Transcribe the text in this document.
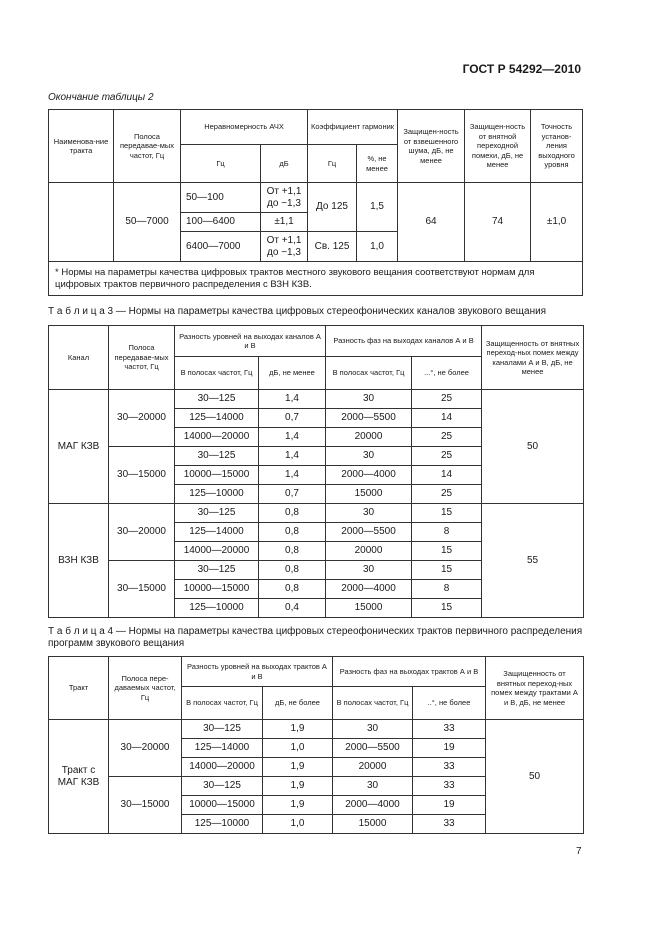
ГОСТ Р 54292—2010
Окончание таблицы 2
Наименова-ние тракта	Полоса передавае-мых частот, Гц	Неравномерность АЧХ		Коэффициент гармоник		Защищен-ность от взвешенного шума, дБ, не менее	Защищен-ность от внятной переходной помехи, дБ, не менее	Точность установ-ления выходного уровня
		Гц	дБ	Гц	%, не менее			
	50—7000	50—100	От +1,1
до −1,3	До 125	1,5	64	74	±1,0
		100—6400	±1,1					
		6400—7000	От +1,1
до −1,3	Св. 125	1,0			
* Нормы на параметры качества цифровых трактов местного звукового вещания соответствуют нормам для цифровых трактов первичного распределения с ВЗН КЗВ.								
Т а б л и ц а 3 — Нормы на параметры качества цифровых стереофонических каналов звукового вещания
Канал	Полоса передавае-мых частот, Гц	Разность уровней на выходах каналов А и В		Разность фаз на выходах каналов А и В		Защищенность от внятных переход-ных помех между каналами А и В, дБ, не менее
		В полосах частот, Гц	дБ, не менее	В полосах частот, Гц	...°, не более	
МАГ КЗВ	30—20000	30—125	1,4	30	25	50
		125—14000	0,7	2000—5500	14	
		14000—20000	1,4	20000	25	
	30—15000	30—125	1,4	30	25	
		10000—15000	1,4	2000—4000	14	
		125—10000	0,7	15000	25	
ВЗН КЗВ	30—20000	30—125	0,8	30	15	55
		125—14000	0,8	2000—5500	8	
		14000—20000	0,8	20000	15	
	30—15000	30—125	0,8	30	15	
		10000—15000	0,8	2000—4000	8	
		125—10000	0,4	15000	15	
Т а б л и ц а 4 — Нормы на параметры качества цифровых стереофонических трактов первичного распределения программ звукового вещания
Тракт	Полоса пере-даваемых частот, Гц	Разность уровней на выходах трактов А и В		Разность фаз на выходах трактов А и В		Защищенность от внятных переход-ных помех между трактами А и В, дБ, не менее
		В полосах частот, Гц	дБ, не более	В полосах частот, Гц	..°, не более	
Тракт с МАГ КЗВ	30—20000	30—125	1,9	30	33	50
		125—14000	1,0	2000—5500	19	
		14000—20000	1,9	20000	33	
	30—15000	30—125	1,9	30	33	
		10000—15000	1,9	2000—4000	19	
		125—10000	1,0	15000	33	
7
